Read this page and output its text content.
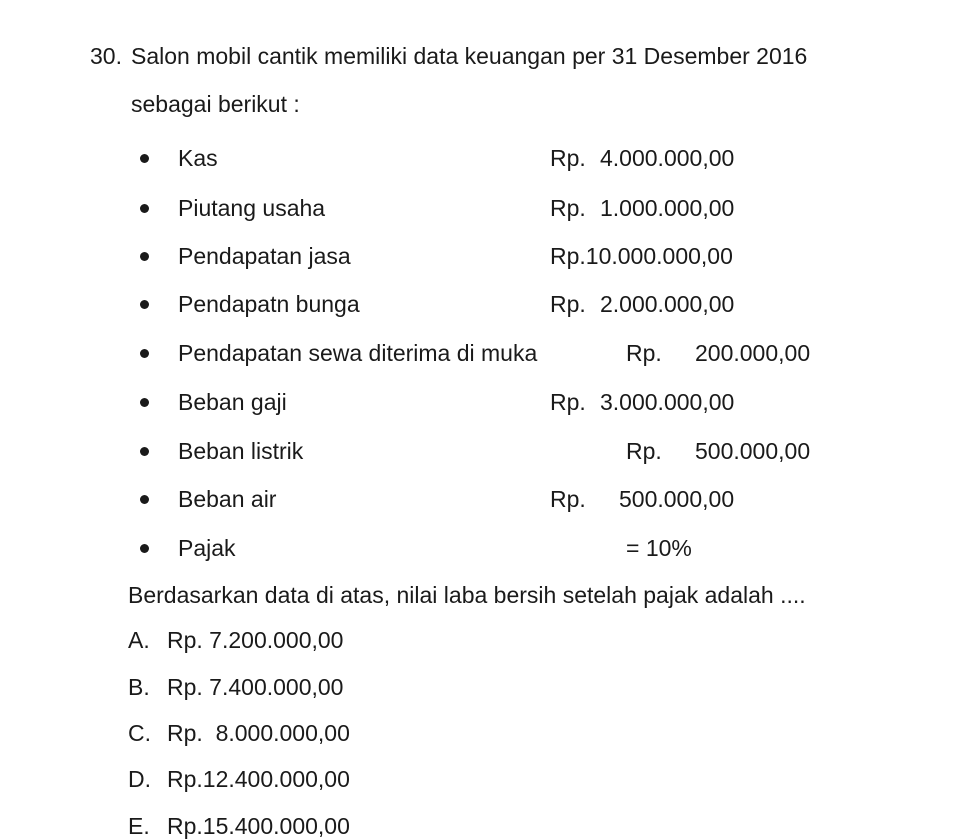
30. Salon mobil cantik memiliki data keuangan per 31 Desember 2016
sebagai berikut :
Kas	Rp. 4.000.000,00
Piutang usaha	Rp. 1.000.000,00
Pendapatan jasa	Rp.10.000.000,00
Pendapatn bunga	Rp. 2.000.000,00
Pendapatan sewa diterima di muka	Rp. 200.000,00
Beban gaji	Rp. 3.000.000,00
Beban listrik	Rp. 500.000,00
Beban air	Rp. 500.000,00
Pajak	= 10%
Berdasarkan data di atas, nilai laba bersih setelah pajak adalah ....
A. Rp. 7.200.000,00
B. Rp. 7.400.000,00
C. Rp.  8.000.000,00
D. Rp.12.400.000,00
E. Rp.15.400.000,00
